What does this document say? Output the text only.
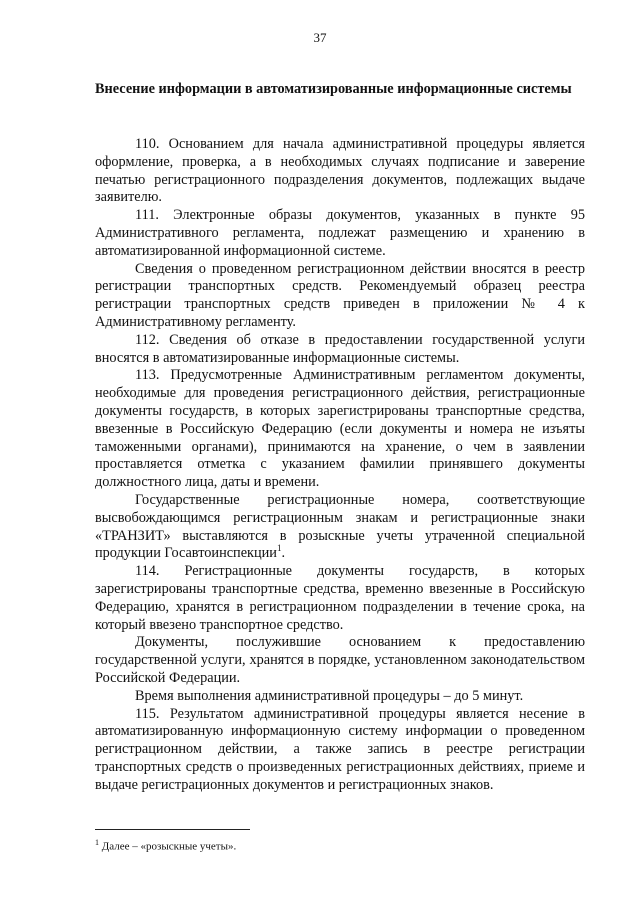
37
Внесение информации в автоматизированные информационные системы

110. Основанием для начала административной процедуры является оформление, проверка, а в необходимых случаях подписание и заверение печатью регистрационного подразделения документов, подлежащих выдаче заявителю.

111. Электронные образы документов, указанных в пункте 95 Административного регламента, подлежат размещению и хранению в автоматизированной информационной системе.

Сведения о проведенном регистрационном действии вносятся в реестр регистрации транспортных средств. Рекомендуемый образец реестра регистрации транспортных средств приведен в приложении № 4 к Административному регламенту.

112. Сведения об отказе в предоставлении государственной услуги вносятся в автоматизированные информационные системы.

113. Предусмотренные Административным регламентом документы, необходимые для проведения регистрационного действия, регистрационные документы государств, в которых зарегистрированы транспортные средства, ввезенные в Российскую Федерацию (если документы и номера не изъяты таможенными органами), принимаются на хранение, о чем в заявлении проставляется отметка с указанием фамилии принявшего документы должностного лица, даты и времени.

Государственные регистрационные номера, соответствующие высвобождающимся регистрационным знакам и регистрационные знаки «ТРАНЗИТ» выставляются в розыскные учеты утраченной специальной продукции Госавтоинспекции$^1$.

114. Регистрационные документы государств, в которых зарегистрированы транспортные средства, временно ввезенные в Российскую Федерацию, хранятся в регистрационном подразделении в течение срока, на который ввезено транспортное средство.

Документы, послужившие основанием к предоставлению государственной услуги, хранятся в порядке, установленном законодательством Российской Федерации.

Время выполнения административной процедуры – до 5 минут.

115. Результатом административной процедуры является несение в автоматизированную информационную систему информации о проведенном регистрационном действии, а также запись в реестре регистрации транспортных средств о произведенных регистрационных действиях, приеме и выдаче регистрационных документов и регистрационных знаков.

$^1$ Далее – «розыскные учеты».
